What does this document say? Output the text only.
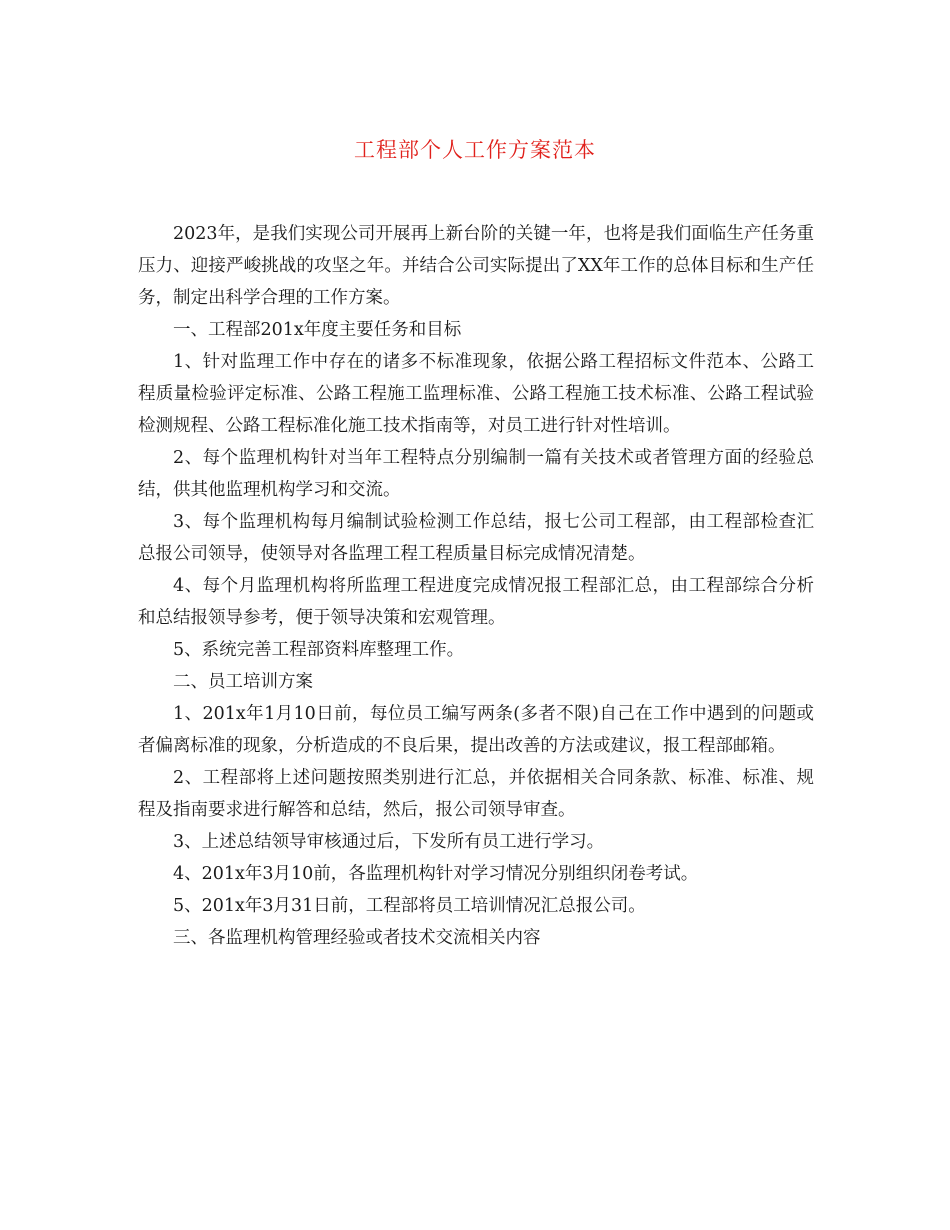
工程部个人工作方案范本

2023年，是我们实现公司开展再上新台阶的关键一年，也将是我们面临生产任务重压力、迎接严峻挑战的攻坚之年。并结合公司实际提出了XX年工作的总体目标和生产任务，制定出科学合理的工作方案。

一、工程部201x年度主要任务和目标

1、针对监理工作中存在的诸多不标准现象，依据公路工程招标文件范本、公路工程质量检验评定标准、公路工程施工监理标准、公路工程施工技术标准、公路工程试验检测规程、公路工程标准化施工技术指南等，对员工进行针对性培训。

2、每个监理机构针对当年工程特点分别编制一篇有关技术或者管理方面的经验总结，供其他监理机构学习和交流。

3、每个监理机构每月编制试验检测工作总结，报七公司工程部，由工程部检查汇总报公司领导，使领导对各监理工程工程质量目标完成情况清楚。

4、每个月监理机构将所监理工程进度完成情况报工程部汇总，由工程部综合分析和总结报领导参考，便于领导决策和宏观管理。

5、系统完善工程部资料库整理工作。

二、员工培训方案

1、201x年1月10日前，每位员工编写两条(多者不限)自己在工作中遇到的问题或者偏离标准的现象，分析造成的不良后果，提出改善的方法或建议，报工程部邮箱。

2、工程部将上述问题按照类别进行汇总，并依据相关合同条款、标准、标准、规程及指南要求进行解答和总结，然后，报公司领导审查。

3、上述总结领导审核通过后，下发所有员工进行学习。

4、201x年3月10前，各监理机构针对学习情况分别组织闭卷考试。

5、201x年3月31日前，工程部将员工培训情况汇总报公司。

三、各监理机构管理经验或者技术交流相关内容
